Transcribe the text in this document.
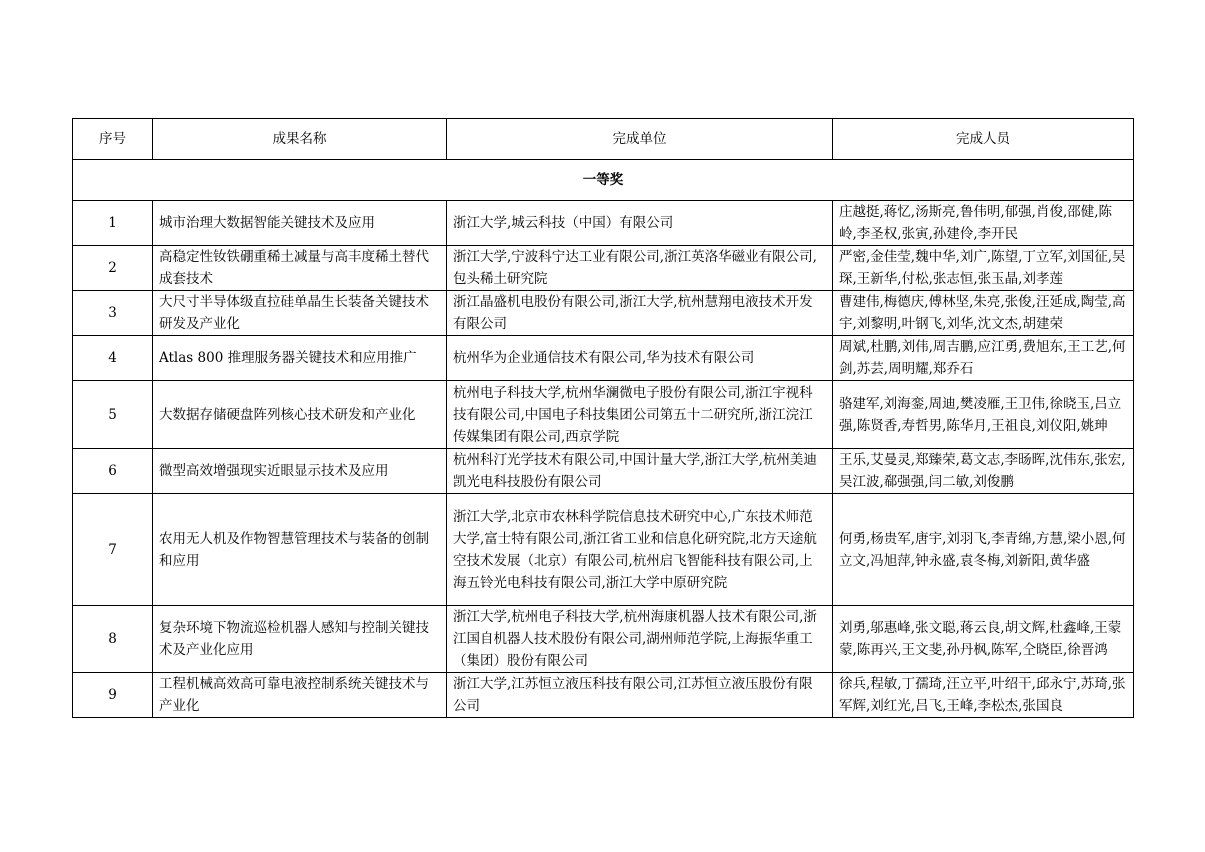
序号	成果名称	完成单位	完成人员
一等奖			
1	城市治理大数据智能关键技术及应用	浙江大学,城云科技（中国）有限公司	庄越挺,蒋忆,汤斯亮,鲁伟明,郁强,肖俊,邵健,陈岭,李圣权,张寅,孙建伶,李开民
2	高稳定性钕铁硼重稀土减量与高丰度稀土替代成套技术	浙江大学,宁波科宁达工业有限公司,浙江英洛华磁业有限公司,包头稀土研究院	严密,金佳莹,魏中华,刘广,陈望,丁立军,刘国征,吴琛,王新华,付松,张志恒,张玉晶,刘孝莲
3	大尺寸半导体级直拉硅单晶生长装备关键技术研发及产业化	浙江晶盛机电股份有限公司,浙江大学,杭州慧翔电液技术开发有限公司	曹建伟,梅德庆,傅林坚,朱亮,张俊,汪延成,陶莹,高宇,刘黎明,叶钢飞,刘华,沈文杰,胡建荣
4	Atlas 800 推理服务器关键技术和应用推广	杭州华为企业通信技术有限公司,华为技术有限公司	周斌,杜鹏,刘伟,周吉鹏,应江勇,费旭东,王工艺,何剑,苏芸,周明耀,郑乔石
5	大数据存储硬盘阵列核心技术研发和产业化	杭州电子科技大学,杭州华澜微电子股份有限公司,浙江宇视科技有限公司,中国电子科技集团公司第五十二研究所,浙江浣江传媒集团有限公司,西京学院	骆建军,刘海銮,周迪,樊凌雁,王卫伟,徐晓玉,吕立强,陈贤香,寿哲男,陈华月,王祖良,刘仪阳,姚珅
6	微型高效增强现实近眼显示技术及应用	杭州科汀光学技术有限公司,中国计量大学,浙江大学,杭州美迪凯光电科技股份有限公司	王乐,艾曼灵,郑臻荣,葛文志,李旸晖,沈伟东,张宏,吴江波,郗强强,闫二敏,刘俊鹏
7	农用无人机及作物智慧管理技术与装备的创制和应用	浙江大学,北京市农林科学院信息技术研究中心,广东技术师范大学,富士特有限公司,浙江省工业和信息化研究院,北方天途航空技术发展（北京）有限公司,杭州启飞智能科技有限公司,上海五铃光电科技有限公司,浙江大学中原研究院	何勇,杨贵军,唐宇,刘羽飞,李青绵,方慧,梁小恩,何立文,冯旭萍,钟永盛,袁冬梅,刘新阳,黄华盛
8	复杂环境下物流巡检机器人感知与控制关键技术及产业化应用	浙江大学,杭州电子科技大学,杭州海康机器人技术有限公司,浙江国自机器人技术股份有限公司,湖州师范学院,上海振华重工（集团）股份有限公司	刘勇,邬惠峰,张文聪,蒋云良,胡文辉,杜鑫峰,王蒙蒙,陈再兴,王文斐,孙丹枫,陈军,仝晓臣,徐晋鸿
9	工程机械高效高可靠电液控制系统关键技术与产业化	浙江大学,江苏恒立液压科技有限公司,江苏恒立液压股份有限公司	徐兵,程敏,丁孺琦,汪立平,叶绍干,邱永宁,苏琦,张军辉,刘红光,吕飞,王峰,李松杰,张国良
